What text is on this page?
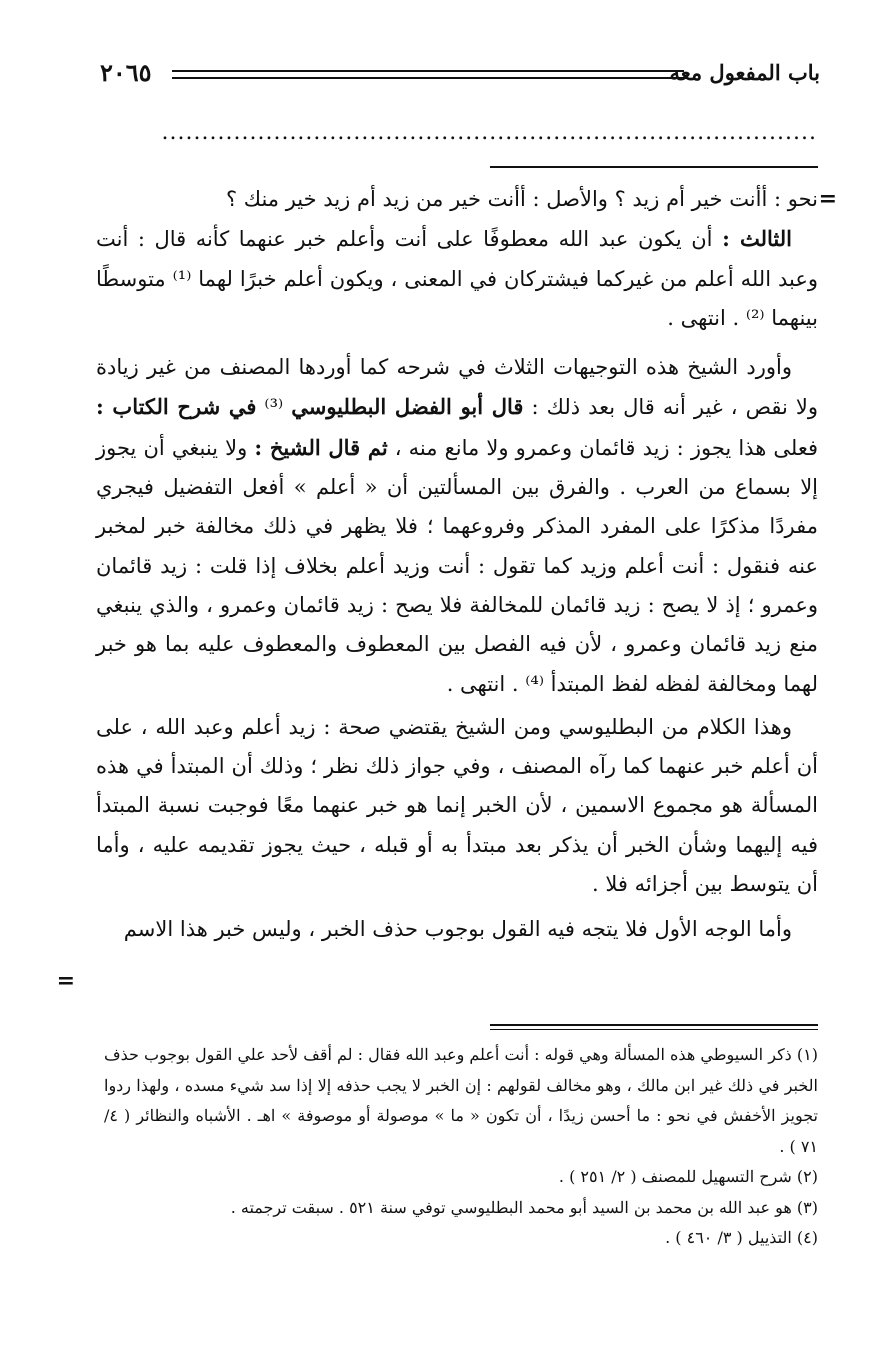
باب المفعول معه
٢٠٦٥
..................................................................................
=
=

نحو : أأنت خير أم زيد ؟ والأصل : أأنت خير من زيد أم زيد خير منك ؟

الثالث : أن يكون عبد الله معطوفًا على أنت وأعلم خبر عنهما كأنه قال : أنت وعبد الله أعلم من غيركما فيشتركان في المعنى ، ويكون أعلم خبرًا لهما ⁽¹⁾ متوسطًا بينهما ⁽²⁾ . انتهى .

وأورد الشيخ هذه التوجيهات الثلاث في شرحه كما أوردها المصنف من غير زيادة ولا نقص ، غير أنه قال بعد ذلك : قال أبو الفضل البطليوسي ⁽³⁾ في شرح الكتاب : فعلى هذا يجوز : زيد قائمان وعمرو ولا مانع منه ، ثم قال الشيخ : ولا ينبغي أن يجوز إلا بسماع من العرب . والفرق بين المسألتين أن « أعلم » أفعل التفضيل فيجري مفردًا مذكرًا على المفرد المذكر وفروعهما ؛ فلا يظهر في ذلك مخالفة خبر لمخبر عنه فنقول : أنت أعلم وزيد كما تقول : أنت وزيد أعلم بخلاف إذا قلت : زيد قائمان وعمرو ؛ إذ لا يصح : زيد قائمان للمخالفة فلا يصح : زيد قائمان وعمرو ، والذي ينبغي منع زيد قائمان وعمرو ، لأن فيه الفصل بين المعطوف والمعطوف عليه بما هو خبر لهما ومخالفة لفظه لفظ المبتدأ ⁽⁴⁾ . انتهى .

وهذا الكلام من البطليوسي ومن الشيخ يقتضي صحة : زيد أعلم وعبد الله ، على أن أعلم خبر عنهما كما رآه المصنف ، وفي جواز ذلك نظر ؛ وذلك أن المبتدأ في هذه المسألة هو مجموع الاسمين ، لأن الخبر إنما هو خبر عنهما معًا فوجبت نسبة المبتدأ فيه إليهما وشأن الخبر أن يذكر بعد مبتدأ به أو قبله ، حيث يجوز تقديمه عليه ، وأما أن يتوسط بين أجزائه فلا .

وأما الوجه الأول فلا يتجه فيه القول بوجوب حذف الخبر ، وليس خبر هذا الاسم

(١) ذكر السيوطي هذه المسألة وهي قوله : أنت أعلم وعبد الله فقال : لم أقف لأحد علي القول بوجوب حذف الخبر في ذلك غير ابن مالك ، وهو مخالف لقولهم : إن الخبر لا يجب حذفه إلا إذا سد شيء مسده ، ولهذا ردوا تجويز الأخفش في نحو : ما أحسن زيدًا ، أن تكون « ما » موصولة أو موصوفة » اهـ . الأشباه والنظائر ( ٤/ ٧١ ) .

(٢) شرح التسهيل للمصنف ( ٢/ ٢٥١ ) .

(٣) هو عبد الله بن محمد بن السيد أبو محمد البطليوسي توفي سنة ٥٢١ . سبقت ترجمته .

(٤) التذييل ( ٣/ ٤٦٠ ) .
